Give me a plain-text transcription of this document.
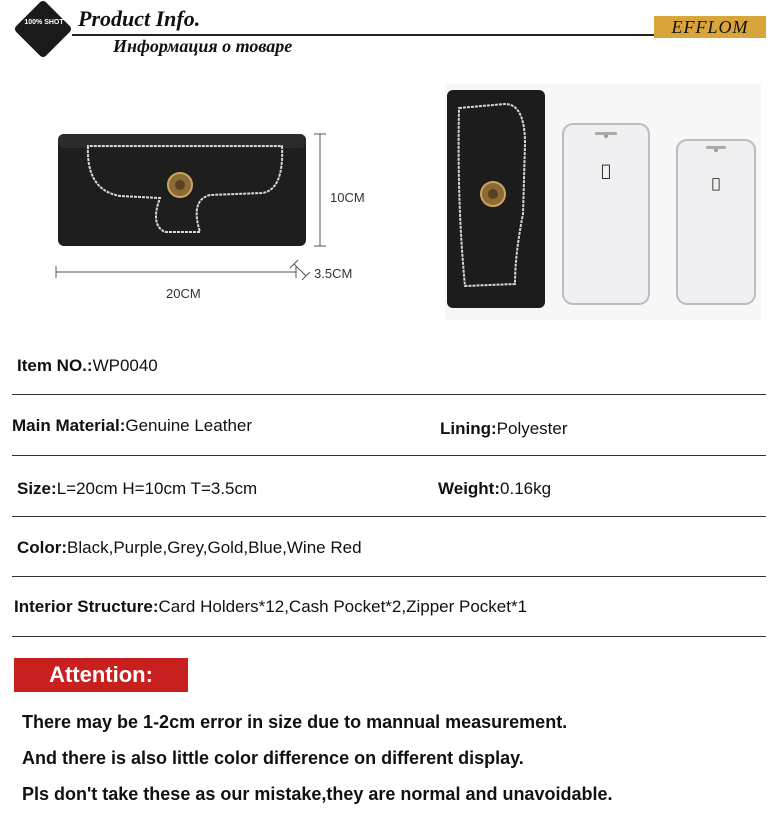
100% SHOT Product Info.
Информация о товаре
EFFLOM
10CM
3.5CM
20CM
Item NO.:WP0040
Main Material:Genuine Leather	Lining:Polyester
Size:L=20cm H=10cm T=3.5cm	Weight:0.16kg
Color:Black,Purple,Grey,Gold,Blue,Wine Red
Interior Structure:Card Holders*12,Cash Pocket*2,Zipper Pocket*1
Attention:
There may be 1-2cm error in size due to mannual measurement.
And there is also little color difference on different display.
Pls don't take these as our mistake,they are normal and unavoidable.
